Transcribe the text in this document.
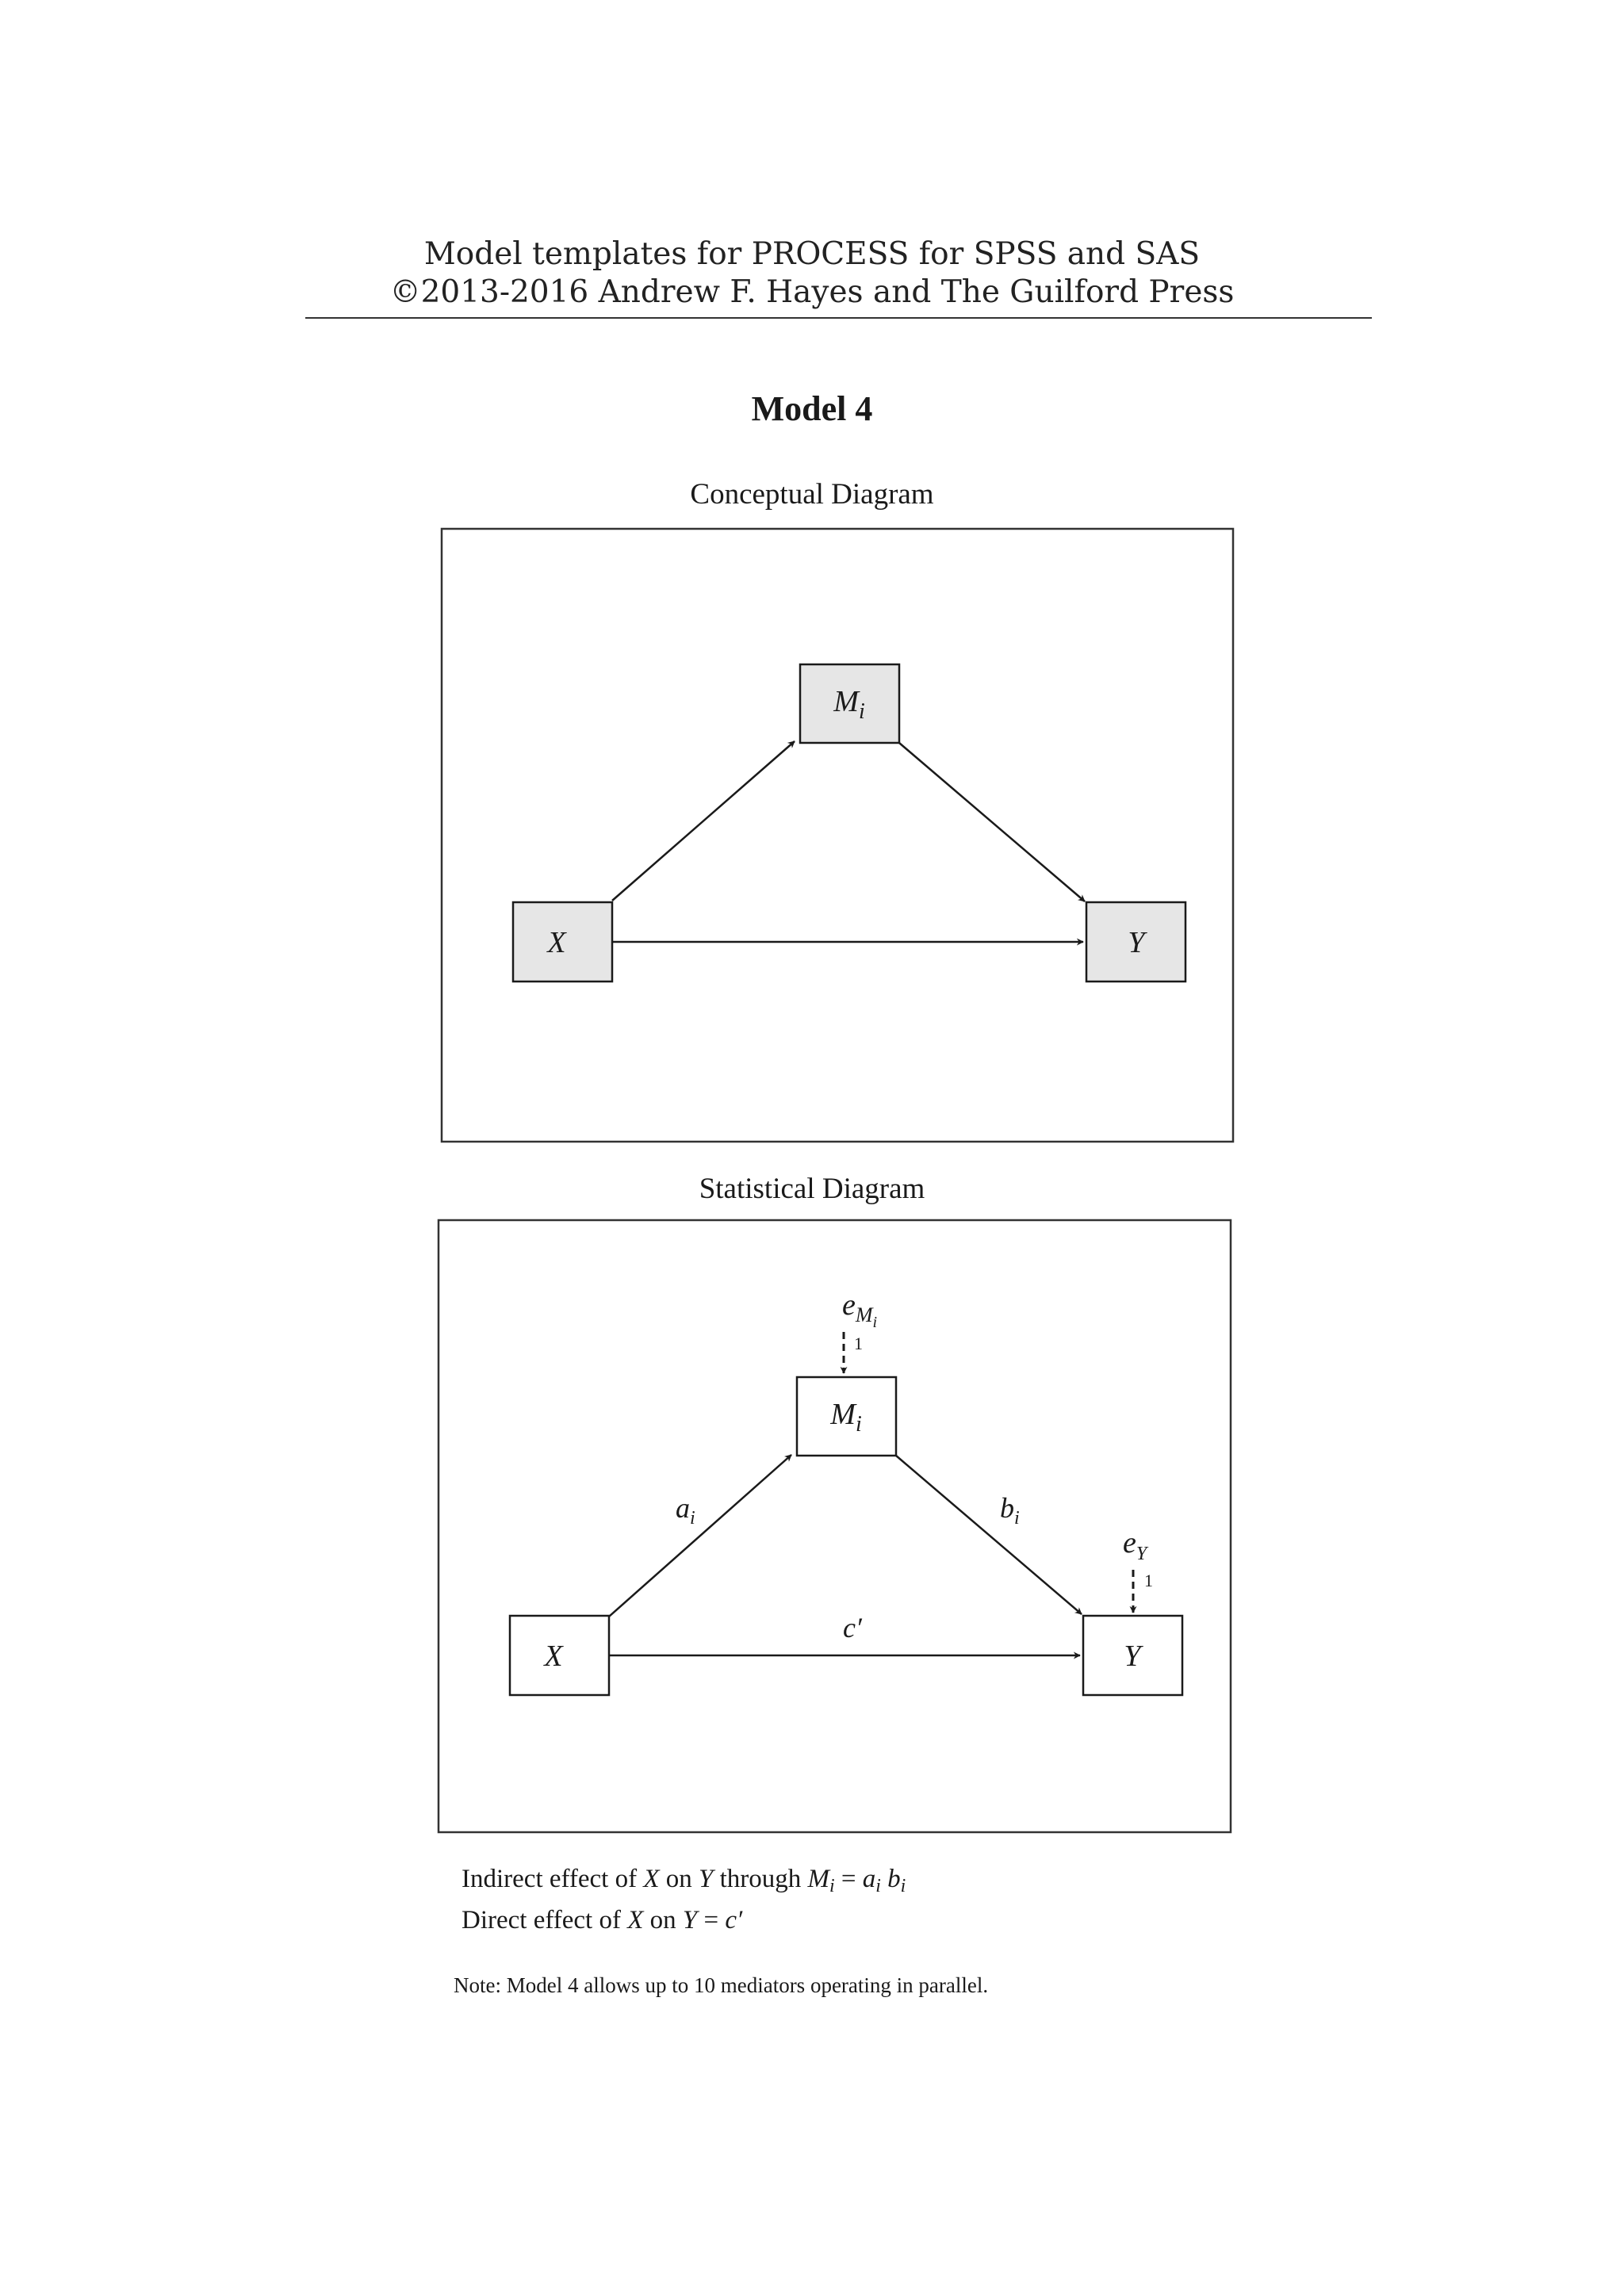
Model templates for PROCESS for SPSS and SAS
©2013-2016 Andrew F. Hayes and The Guilford Press
Model 4
Conceptual Diagram
Statistical Diagram
$M_i$
X	Y
$e_Mi$
1
$e_Y$
1
$a_i$	$b_i$
c′
$M_i$
X	Y
Indirect effect of X on Y through $M_i = a_i$ $b_i$
Direct effect of X on Y = c′
Note: Model 4 allows up to 10 mediators operating in parallel.
